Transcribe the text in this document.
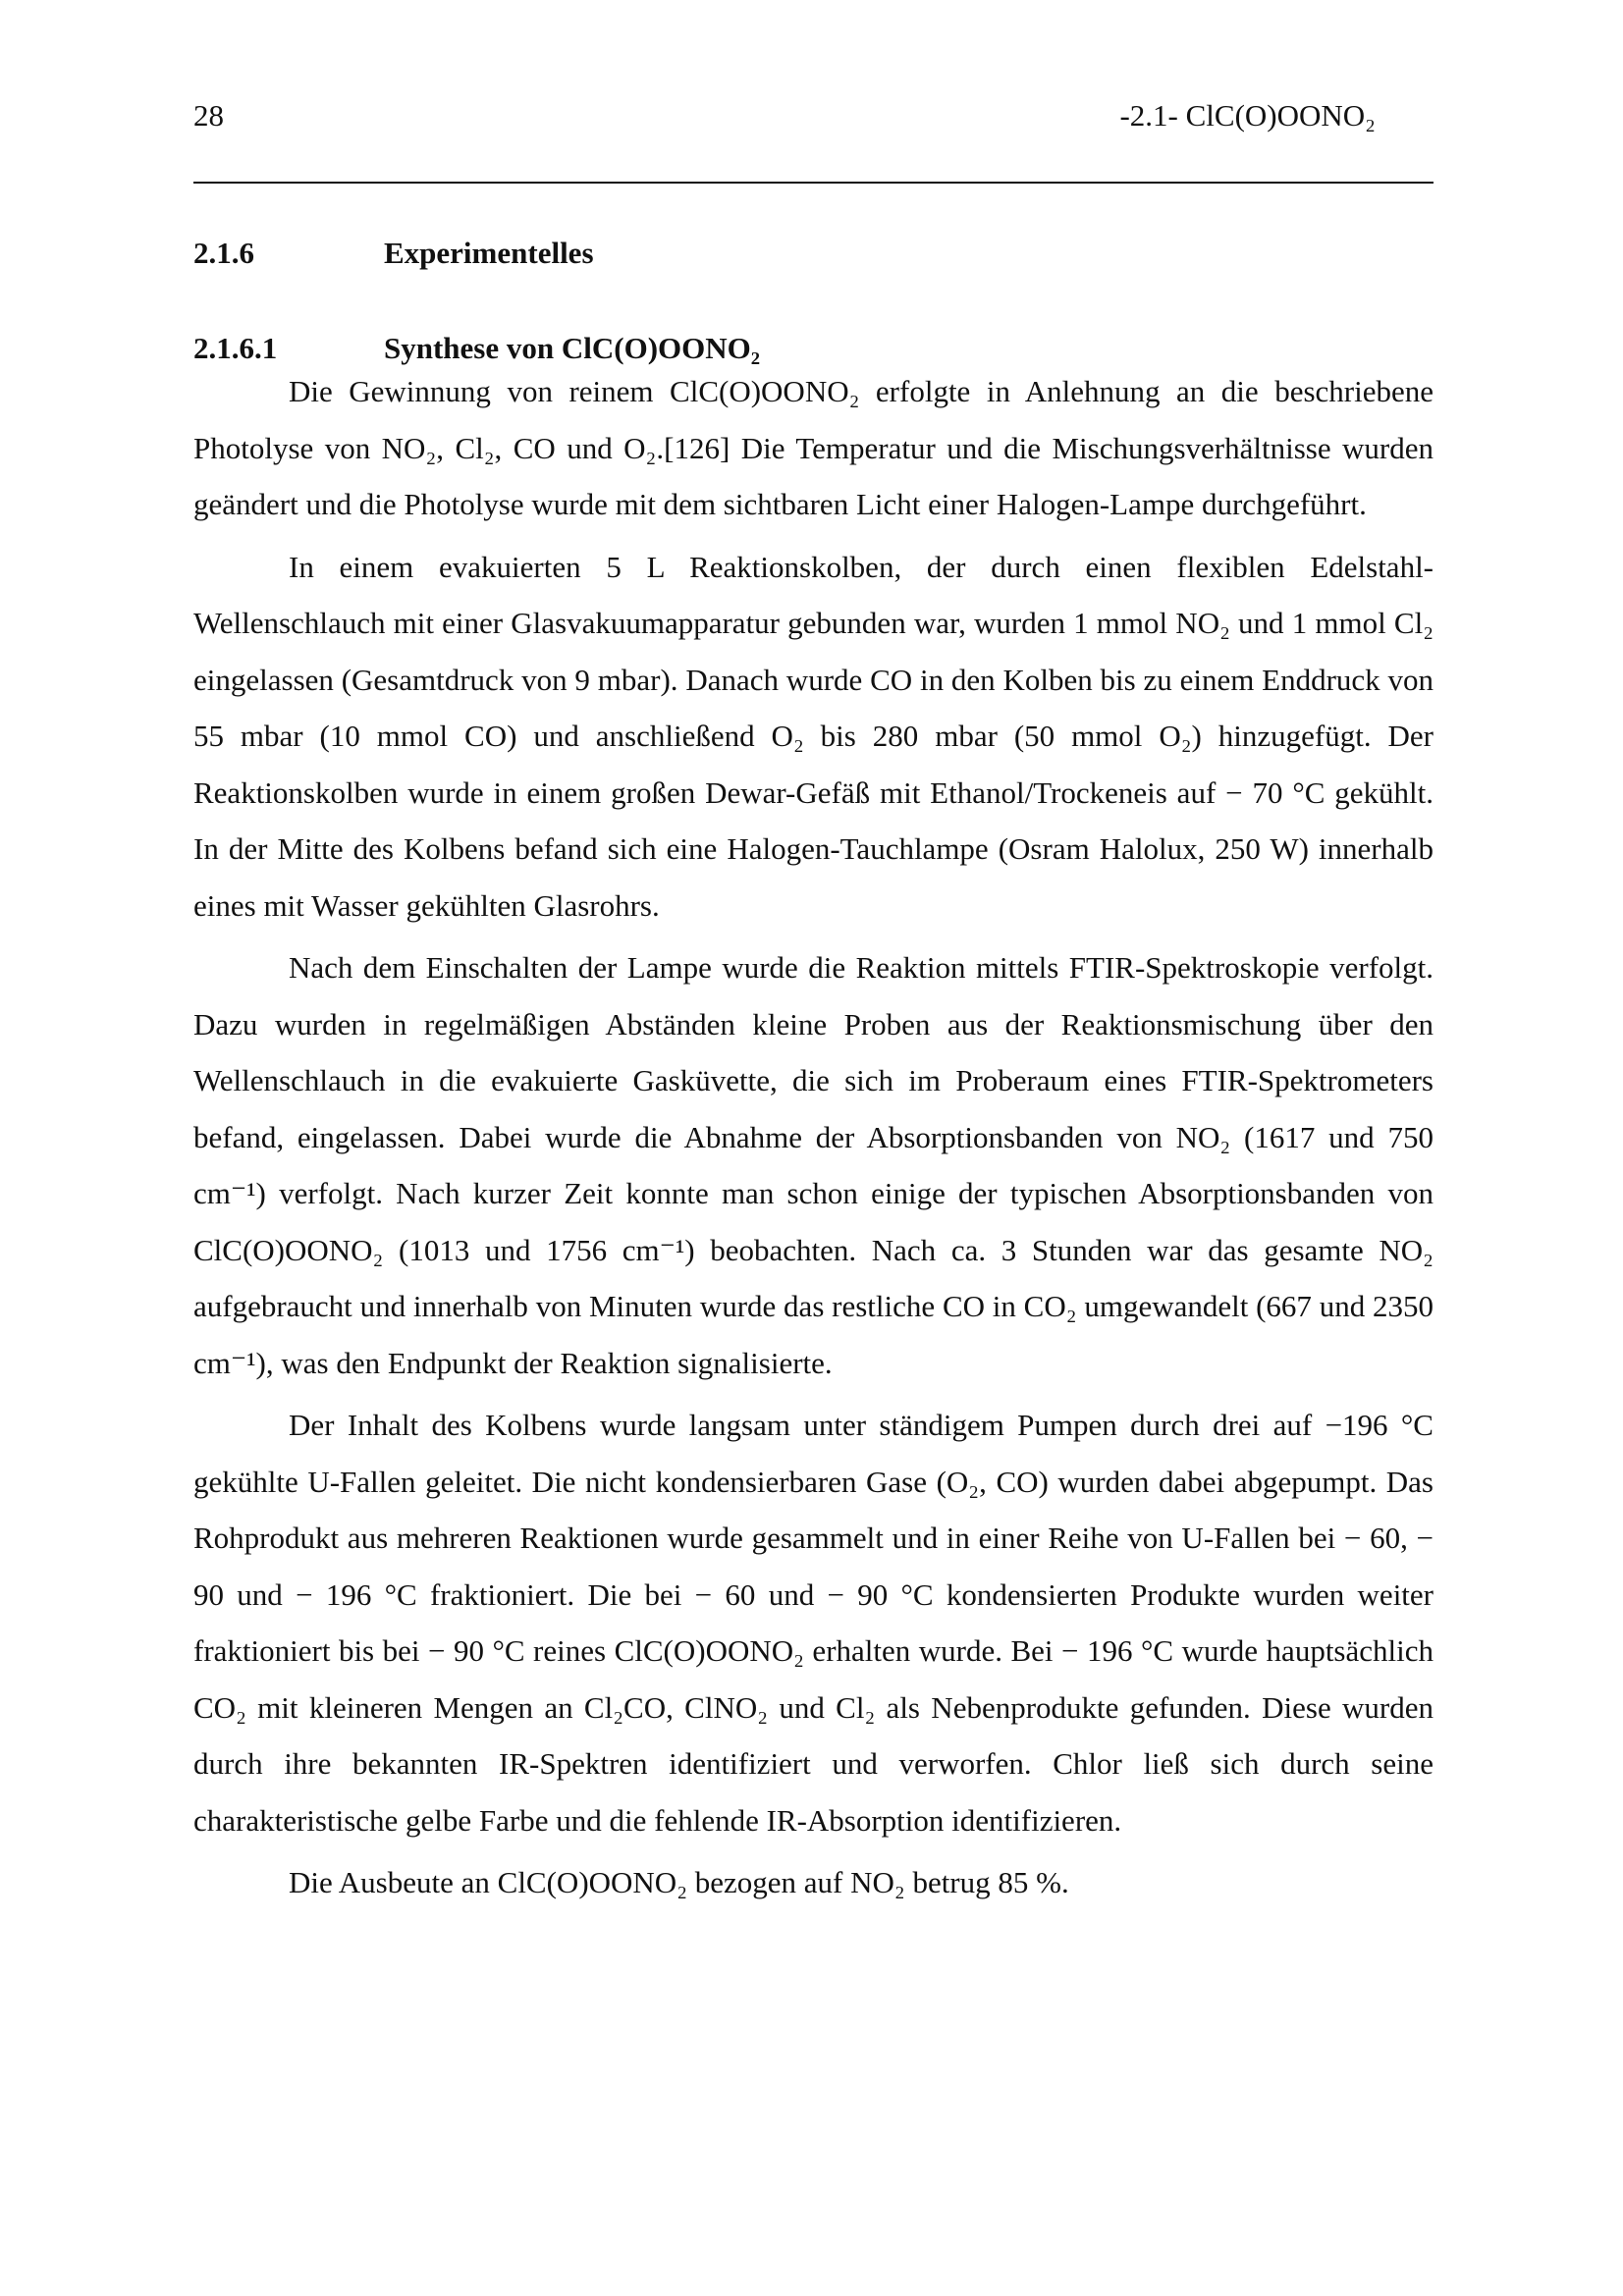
28	-2.1- ClC(O)OONO₂
2.1.6	Experimentelles
2.1.6.1	Synthese von ClC(O)OONO₂

Die Gewinnung von reinem ClC(O)OONO₂ erfolgte in Anlehnung an die beschriebene Photolyse von NO₂, Cl₂, CO und O₂.[126] Die Temperatur und die Mischungsverhältnisse wurden geändert und die Photolyse wurde mit dem sichtbaren Licht einer Halogen-Lampe durchgeführt.

In einem evakuierten 5 L Reaktionskolben, der durch einen flexiblen Edelstahl-Wellenschlauch mit einer Glasvakuumapparatur gebunden war, wurden 1 mmol NO₂ und 1 mmol Cl₂ eingelassen (Gesamtdruck von 9 mbar). Danach wurde CO in den Kolben bis zu einem Enddruck von 55 mbar (10 mmol CO) und anschließend O₂ bis 280 mbar (50 mmol O₂) hinzugefügt. Der Reaktionskolben wurde in einem großen Dewar-Gefäß mit Ethanol/Trockeneis auf − 70 °C gekühlt. In der Mitte des Kolbens befand sich eine Halogen-Tauchlampe (Osram Halolux, 250 W) innerhalb eines mit Wasser gekühlten Glasrohrs.

Nach dem Einschalten der Lampe wurde die Reaktion mittels FTIR-Spektroskopie verfolgt. Dazu wurden in regelmäßigen Abständen kleine Proben aus der Reaktionsmischung über den Wellenschlauch in die evakuierte Gasküvette, die sich im Proberaum eines FTIR-Spektrometers befand, eingelassen. Dabei wurde die Abnahme der Absorptionsbanden von NO₂ (1617 und 750 cm⁻¹) verfolgt. Nach kurzer Zeit konnte man schon einige der typischen Absorptionsbanden von ClC(O)OONO₂ (1013 und 1756 cm⁻¹) beobachten. Nach ca. 3 Stunden war das gesamte NO₂ aufgebraucht und innerhalb von Minuten wurde das restliche CO in CO₂ umgewandelt (667 und 2350 cm⁻¹), was den Endpunkt der Reaktion signalisierte.

Der Inhalt des Kolbens wurde langsam unter ständigem Pumpen durch drei auf −196 °C gekühlte U-Fallen geleitet. Die nicht kondensierbaren Gase (O₂, CO) wurden dabei abgepumpt. Das Rohprodukt aus mehreren Reaktionen wurde gesammelt und in einer Reihe von U-Fallen bei − 60, − 90 und − 196 °C fraktioniert. Die bei − 60 und − 90 °C kondensierten Produkte wurden weiter fraktioniert bis bei − 90 °C reines ClC(O)OONO₂ erhalten wurde. Bei − 196 °C wurde hauptsächlich CO₂ mit kleineren Mengen an Cl₂CO, ClNO₂ und Cl₂ als Nebenprodukte gefunden. Diese wurden durch ihre bekannten IR-Spektren identifiziert und verworfen. Chlor ließ sich durch seine charakteristische gelbe Farbe und die fehlende IR-Absorption identifizieren.

Die Ausbeute an ClC(O)OONO₂ bezogen auf NO₂ betrug 85 %.
